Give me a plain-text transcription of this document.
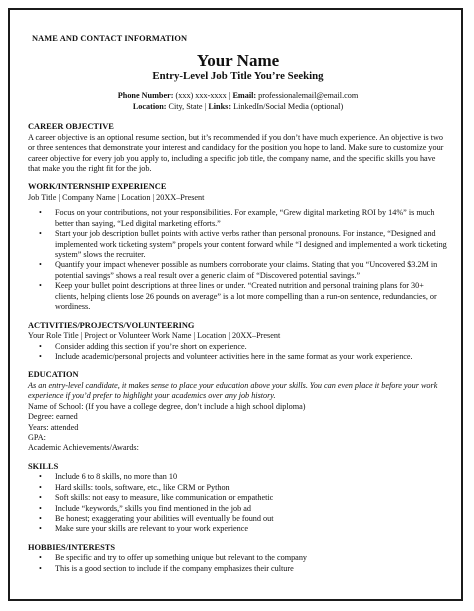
NAME AND CONTACT INFORMATION
Your Name
Entry-Level Job Title You’re Seeking
Phone Number: (xxx) xxx-xxxx | Email: professionalemail@email.com
Location: City, State | Links: LinkedIn/Social Media (optional)
CAREER OBJECTIVE

A career objective is an optional resume section, but it’s recommended if you don’t have much experience. An objective is two or three sentences that demonstrate your interest and candidacy for the position you hope to land. Make sure to customize your career objective for every job you apply to, including a specific job title, the company name, and the specific skills you have that make you the right fit for the job.

WORK/INTERNSHIP EXPERIENCE
Job Title | Company Name | Location | 20XX–Present
• Focus on your contributions, not your responsibilities. For example, “Grew digital marketing ROI by 14%” is much better than saying, “Led digital marketing efforts.”
• Start your job description bullet points with active verbs rather than personal pronouns. For instance, “Designed and implemented work ticketing system” propels your content forward while “I designed and implemented a work ticketing system” slows the recruiter.
• Quantify your impact whenever possible as numbers corroborate your claims. Stating that you “Uncovered $3.2M in potential savings” shows a real result over a generic claim of “Discovered potential savings.”
• Keep your bullet point descriptions at three lines or under. “Created nutrition and personal training plans for 30+ clients, helping clients lose 26 pounds on average” is a lot more compelling than a run-on sentence, redundancies, or wordiness.
ACTIVITIES/PROJECTS/VOLUNTEERING
Your Role Title | Project or Volunteer Work Name | Location | 20XX–Present
• Consider adding this section if you’re short on experience.
• Include academic/personal projects and volunteer activities here in the same format as your work experience.
EDUCATION

As an entry-level candidate, it makes sense to place your education above your skills. You can even place it before your work experience if you’d prefer to highlight your academics over any job history.

Name of School: (If you have a college degree, don’t include a high school diploma)
Degree: earned
Years: attended
GPA:
Academic Achievements/Awards:
SKILLS
• Include 6 to 8 skills, no more than 10
• Hard skills: tools, software, etc., like CRM or Python
• Soft skills: not easy to measure, like communication or empathetic
• Include “keywords,” skills you find mentioned in the job ad
• Be honest; exaggerating your abilities will eventually be found out
• Make sure your skills are relevant to your work experience
HOBBIES/INTERESTS
• Be specific and try to offer up something unique but relevant to the company
• This is a good section to include if the company emphasizes their culture
